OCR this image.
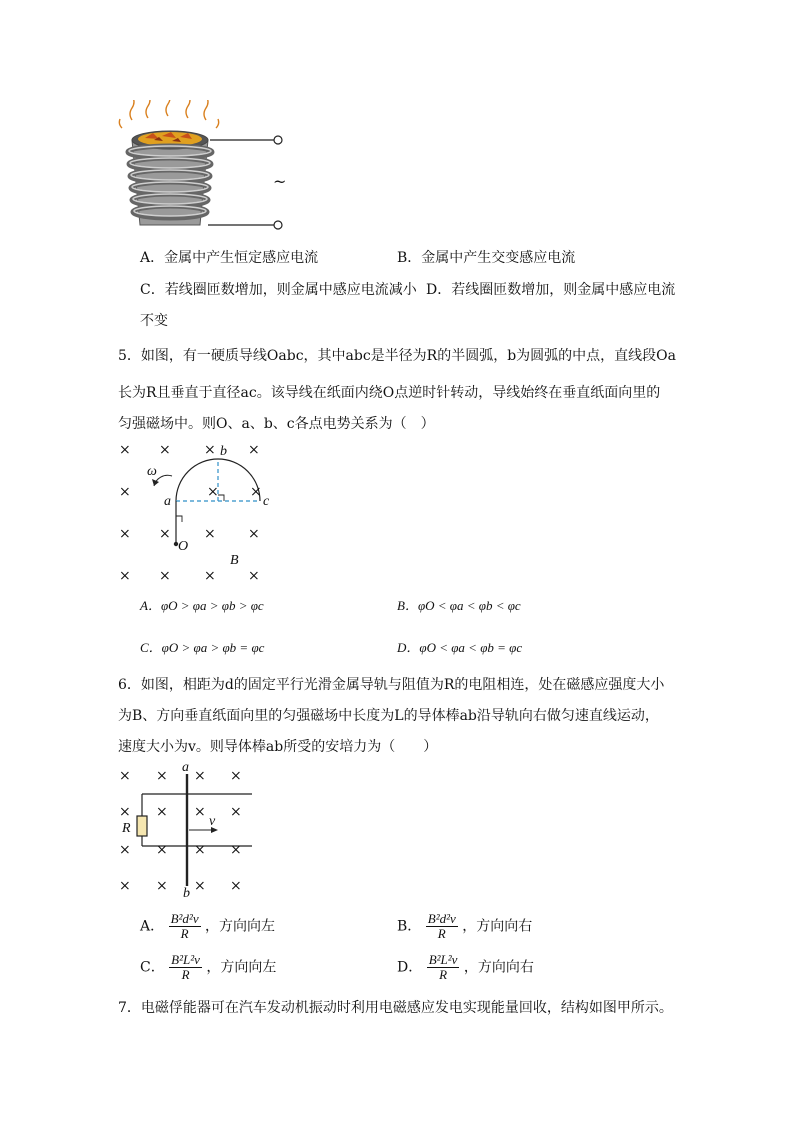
~
A．金属中产生恒定感应电流	B．金属中产生交变感应电流
C．若线圈匝数增加，则金属中感应电流减小 D．若线圈匝数增加，则金属中感应电流
不变
5．如图，有一硬质导线Oabc，其中abc是半径为R的半圆弧，b为圆弧的中点，直线段Oa
长为R且垂直于直径ac。该导线在纸面内绕O点逆时针转动，导线始终在垂直纸面向里的
匀强磁场中。则O、a、b、c各点电势关系为（　）
× × × ×
×	× ×
× × × ×
× × × ×
b
ω
a	c
O
B
A．φO > φa > φb > φc	B．φO < φa < φb < φc
C．φO > φa > φb = φc	D．φO < φa < φb = φc
6．如图，相距为d的固定平行光滑金属导轨与阻值为R的电阻相连，处在磁感应强度大小
为B、方向垂直纸面向里的匀强磁场中长度为L的导体棒ab沿导轨向右做匀速直线运动，
速度大小为v。则导体棒ab所受的安培力为（　　）
× × × ×
× × × ×
× × × ×
× × × ×
a
b
R	v
A． $\frac{\text{B²d²v}}{R}$ ，方向向左	B． $\frac{\text{B²d²v}}{R}$ ，方向向右
C． $\frac{\text{B²L²v}}{R}$ ，方向向左	D． $\frac{\text{B²L²v}}{R}$ ，方向向右
7．电磁俘能器可在汽车发动机振动时利用电磁感应发电实现能量回收，结构如图甲所示。
